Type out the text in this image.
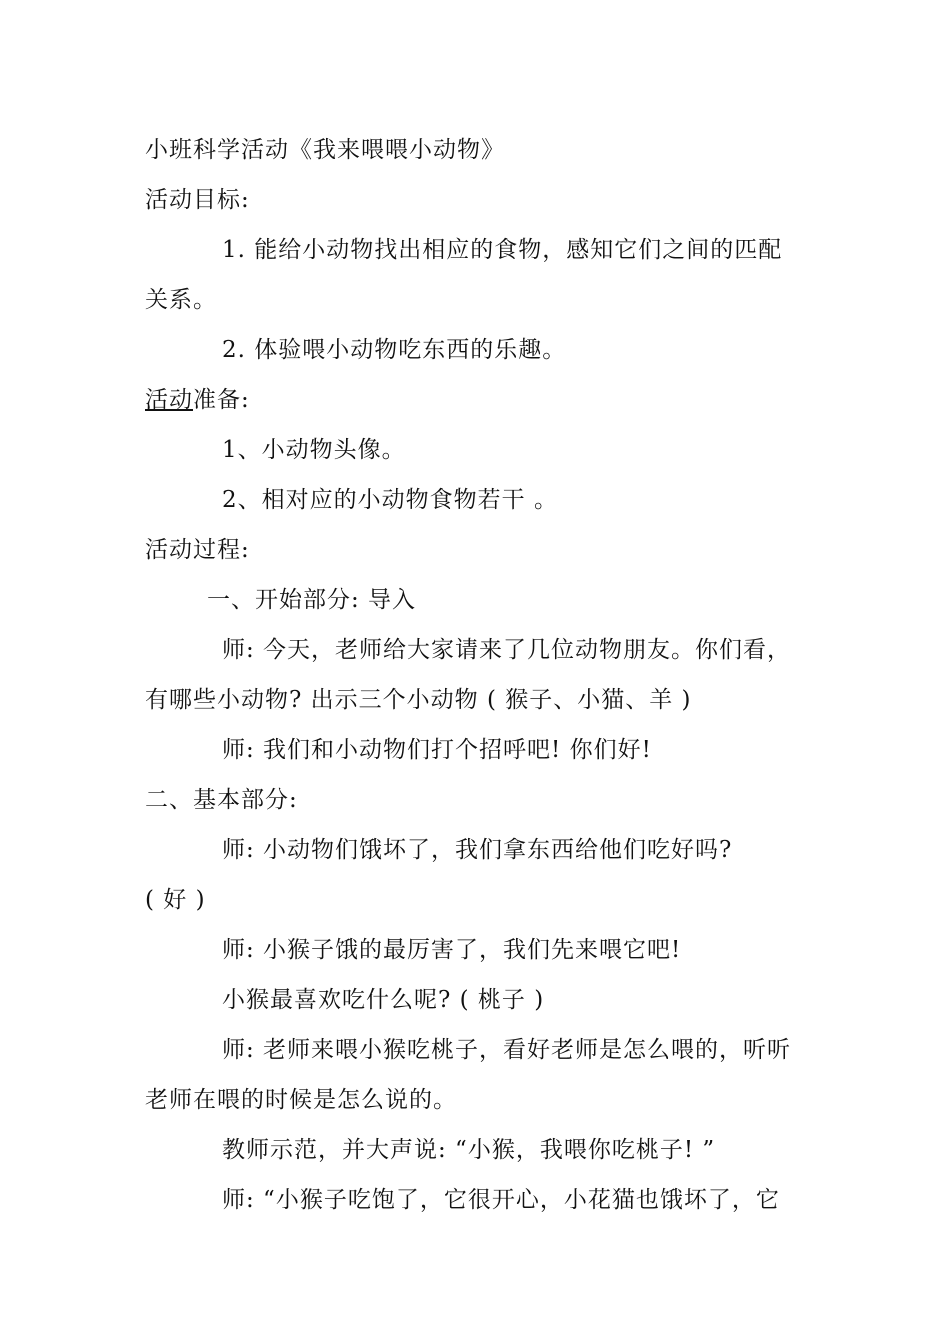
小班科学活动《我来喂喂小动物》
活动目标:
1. 能给小动物找出相应的食物，感知它们之间的匹配
关系。
2. 体验喂小动物吃东西的乐趣。
活动准备:
1、小动物头像。
2、相对应的小动物食物若干 。
活动过程:
一、开始部分: 导入
师: 今天，老师给大家请来了几位动物朋友。你们看，
有哪些小动物? 出示三个小动物 ( 猴子、小猫、羊 )
师: 我们和小动物们打个招呼吧! 你们好!
二、基本部分:
师: 小动物们饿坏了，我们拿东西给他们吃好吗?
( 好 )
师: 小猴子饿的最厉害了，我们先来喂它吧!
小猴最喜欢吃什么呢? ( 桃子 )
师: 老师来喂小猴吃桃子，看好老师是怎么喂的，听听
老师在喂的时候是怎么说的。
教师示范，并大声说: “小猴，我喂你吃桃子! ”
师: “小猴子吃饱了，它很开心，小花猫也饿坏了，它
